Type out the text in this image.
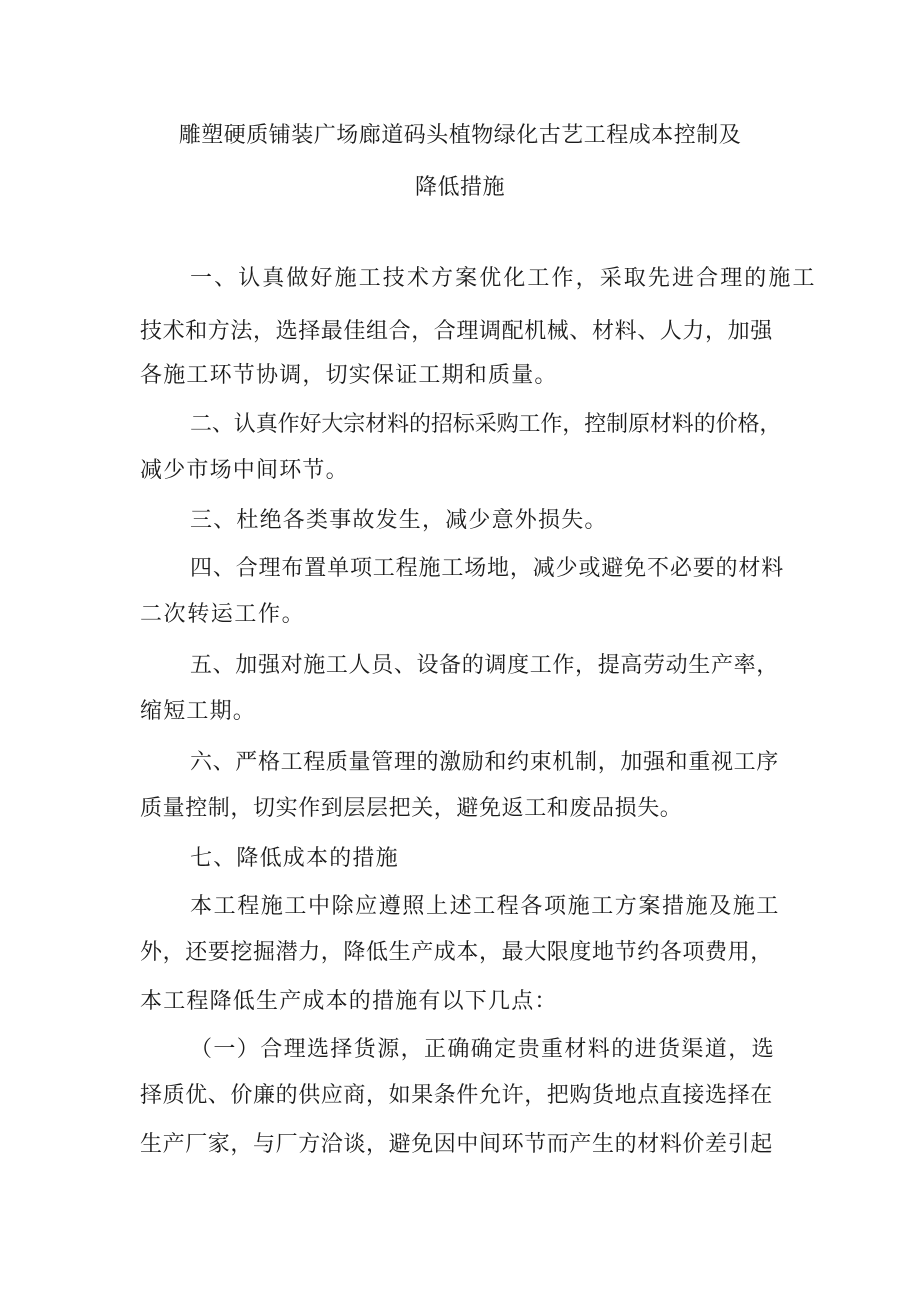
雕塑硬质铺装广场廊道码头植物绿化古艺工程成本控制及
降低措施
一、认真做好施工技术方案优化工作，采取先进合理的施工
技术和方法，选择最佳组合，合理调配机械、材料、人力，加强
各施工环节协调，切实保证工期和质量。
二、认真作好大宗材料的招标采购工作，控制原材料的价格，
减少市场中间环节。
三、杜绝各类事故发生，减少意外损失。
四、合理布置单项工程施工场地，减少或避免不必要的材料
二次转运工作。
五、加强对施工人员、设备的调度工作，提高劳动生产率，
缩短工期。
六、严格工程质量管理的激励和约束机制，加强和重视工序
质量控制，切实作到层层把关，避免返工和废品损失。
七、降低成本的措施
本工程施工中除应遵照上述工程各项施工方案措施及施工
外，还要挖掘潜力，降低生产成本，最大限度地节约各项费用，
本工程降低生产成本的措施有以下几点：
（一）合理选择货源，正确确定贵重材料的进货渠道，选
择质优、价廉的供应商，如果条件允许，把购货地点直接选择在
生产厂家，与厂方洽谈，避免因中间环节而产生的材料价差引起
